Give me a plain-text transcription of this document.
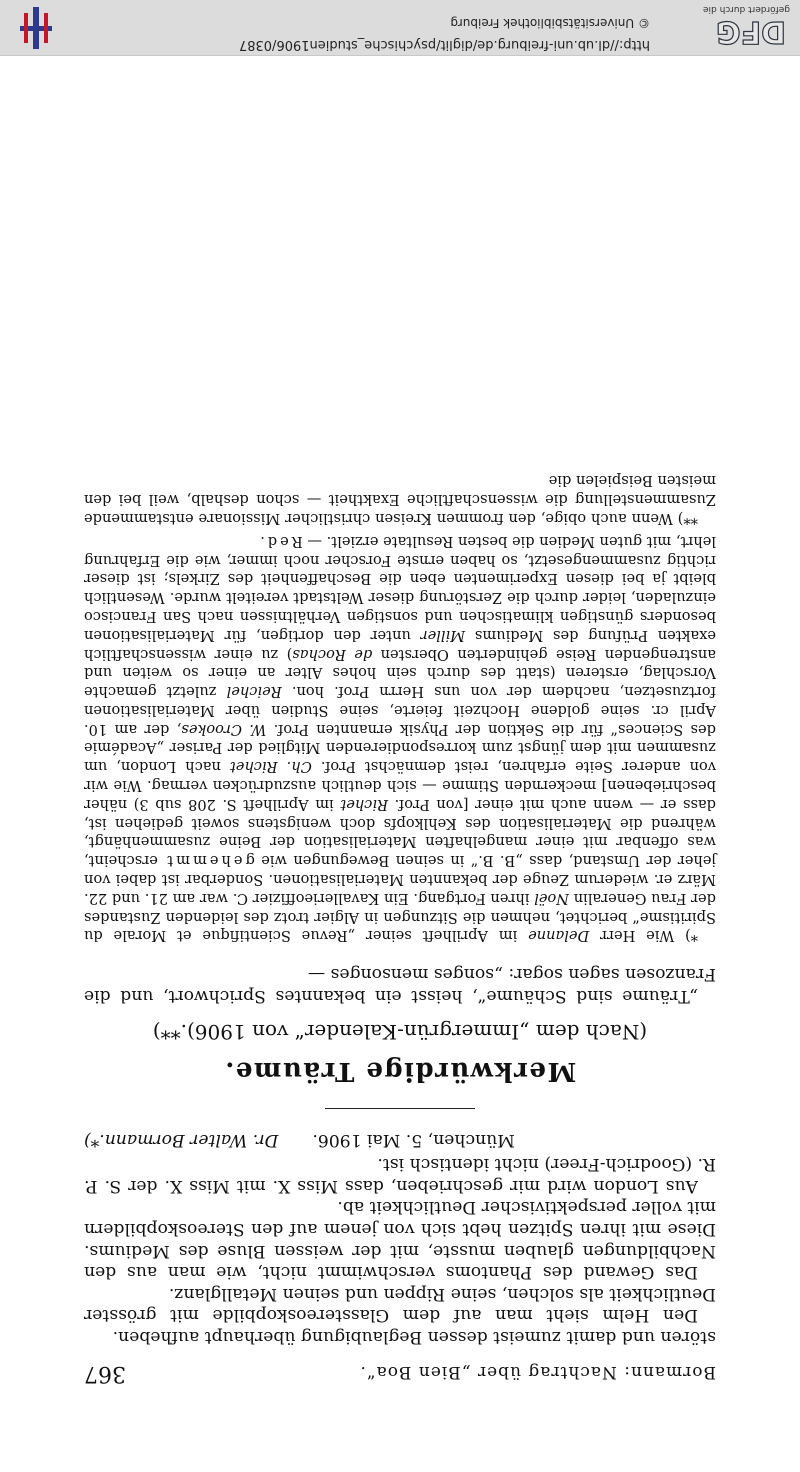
Bormann: Nachtrag über „Bien Boa“.
367

stören und damit zumeist dessen Beglaubigung überhaupt aufheben.

Den Helm sieht man auf dem Glasstereoskopbilde mit grösster Deutlichkeit als solchen, seine Rippen und seinen Metallglanz.

Das Gewand des Phantoms verschwimmt nicht, wie man aus den Nachbildungen glauben musste, mit der weissen Bluse des Mediums. Diese mit ihren Spitzen hebt sich von jenem auf den Stereoskopbildern mit voller perspektivischer Deutlichkeit ab.

Aus London wird mir geschrieben, dass Miss X. mit Miss X. der S. P. R. (Goodrich-Freer) nicht identisch ist.

München, 5. Mai 1906.
Dr. Walter Bormann.*)
Merkwürdige Träume.
(Nach dem „Immergrün-Kalender“ von 1906).**)

„Träume sind Schäume“, heisst ein bekanntes Sprichwort, und die Franzosen sagen sogar: „songes mensonges —

*) Wie Herr Delanne im Aprilheft seiner „Revue Scientifique et Morale du Spiritisme“ berichtet, nehmen die Sitzungen in Algier trotz des leidenden Zustandes der Frau Generalin Noël ihren Fortgang. Ein Kavallerieoffizier C. war am 21. und 22. März er. wiederum Zeuge der bekannten Materialisationen. Sonderbar ist dabei von jeher der Umstand, dass „B. B.“ in seinen Bewegungen wie gehemmt erscheint, was offenbar mit einer mangelhaften Materialisation der Beine zusammenhängt, während die Materialisation des Kehlkopfs doch wenigstens soweit gediehen ist, dass er — wenn auch mit einer [von Prof. Richet im Aprilheft S. 208 sub 3) näher beschriebenen] meckernden Stimme — sich deutlich auszudrücken vermag. Wie wir von anderer Seite erfahren, reist demnächst Prof. Ch. Richet nach London, um zusammen mit dem jüngst zum korrespondierenden Mitglied der Pariser „Académie des Sciences“ für die Sektion der Physik ernannten Prof. W. Crookes, der am 10. April cr. seine goldene Hochzeit feierte, seine Studien über Materialisationen fortzusetzen, nachdem der von uns Herrn Prof. hon. Reichel zuletzt gemachte Vorschlag, ersteren (statt des durch sein hohes Alter an einer so weiten und anstrengenden Reise gehinderten Obersten de Rochas) zu einer wissenschaftlich exakten Prüfung des Mediums Miller unter den dortigen, für Materialisationen besonders günstigen klimatischen und sonstigen Verhältnissen nach San Francisco einzuladen, leider durch die Zerstörung dieser Weltstadt vereitelt wurde. Wesentlich bleibt ja bei diesen Experimenten eben die Beschaffenheit des Zirkels; ist dieser richtig zusammengesetzt, so haben ernste Forscher noch immer, wie die Erfahrung lehrt, mit guten Medien die besten Resultate erzielt. — Red.

**) Wenn auch obige, den frommen Kreisen christlicher Missionare entstammende Zusammenstellung die wissenschaftliche Exaktheit — schon deshalb, weil bei den meisten Beispielen die

DFG
gefördert durch die
http://dl.ub.uni-freiburg.de/diglit/psychische_studien1906/0387
© Universitätsbibliothek Freiburg
